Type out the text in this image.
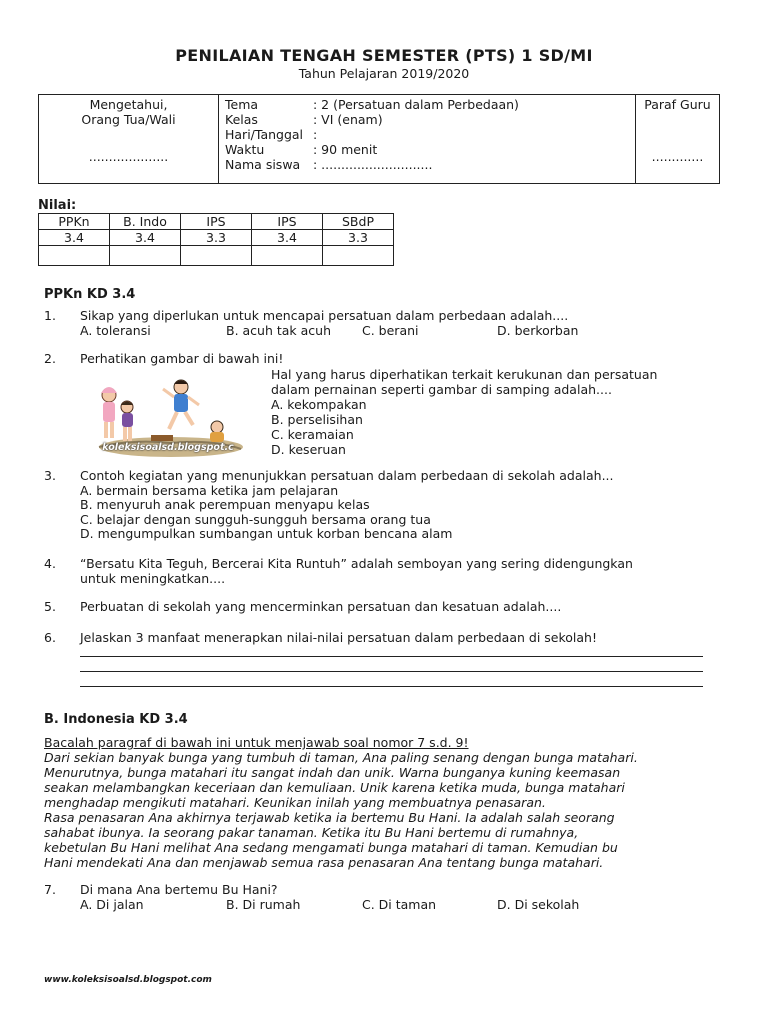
PENILAIAN TENGAH SEMESTER (PTS) 1 SD/MI
Tahun Pelajaran 2019/2020
Mengetahui,
Orang Tua/Wali
....................
Tema	: 2 (Persatuan dalam Perbedaan)
Kelas	: VI (enam)
Hari/Tanggal :
Waktu	: 90 menit
Nama siswa	: ............................
Paraf Guru
.............
Nilai:
PPKn	B. Indo	IPS	IPS	SBdP
3.4	3.4	3.3	3.4	3.3

PPKn KD 3.4
1. Sikap yang diperlukan untuk mencapai persatuan dalam perbedaan adalah....
A. toleransi	B. acuh tak acuh	C. berani	D. berkorban
2. Perhatikan gambar di bawah ini!
koleksisoalsd.blogspot.c
Hal yang harus diperhatikan terkait kerukunan dan persatuan
dalam pernainan seperti gambar di samping adalah....
A. kekompakan
B. perselisihan
C. keramaian
D. keseruan
3. Contoh kegiatan yang menunjukkan persatuan dalam perbedaan di sekolah adalah...
A. bermain bersama ketika jam pelajaran
B. menyuruh anak perempuan menyapu kelas
C. belajar dengan sungguh-sungguh bersama orang tua
D. mengumpulkan sumbangan untuk korban bencana alam
4. “Bersatu Kita Teguh, Bercerai Kita Runtuh” adalah semboyan yang sering didengungkan
untuk meningkatkan....
5. Perbuatan di sekolah yang mencerminkan persatuan dan kesatuan adalah....
6. Jelaskan 3 manfaat menerapkan nilai-nilai persatuan dalam perbedaan di sekolah!
B. Indonesia KD 3.4
Bacalah paragraf di bawah ini untuk menjawab soal nomor 7 s.d. 9!
Dari sekian banyak bunga yang tumbuh di taman, Ana paling senang dengan bunga matahari.
Menurutnya, bunga matahari itu sangat indah dan unik. Warna bunganya kuning keemasan
seakan melambangkan keceriaan dan kemuliaan. Unik karena ketika muda, bunga matahari
menghadap mengikuti matahari. Keunikan inilah yang membuatnya penasaran.
Rasa penasaran Ana akhirnya terjawab ketika ia bertemu Bu Hani. Ia adalah salah seorang
sahabat ibunya. Ia seorang pakar tanaman. Ketika itu Bu Hani bertemu di rumahnya,
kebetulan Bu Hani melihat Ana sedang mengamati bunga matahari di taman. Kemudian bu
Hani mendekati Ana dan menjawab semua rasa penasaran Ana tentang bunga matahari.
7. Di mana Ana bertemu Bu Hani?
A. Di jalan	B. Di rumah	C. Di taman	D. Di sekolah
www.koleksisoalsd.blogspot.com
